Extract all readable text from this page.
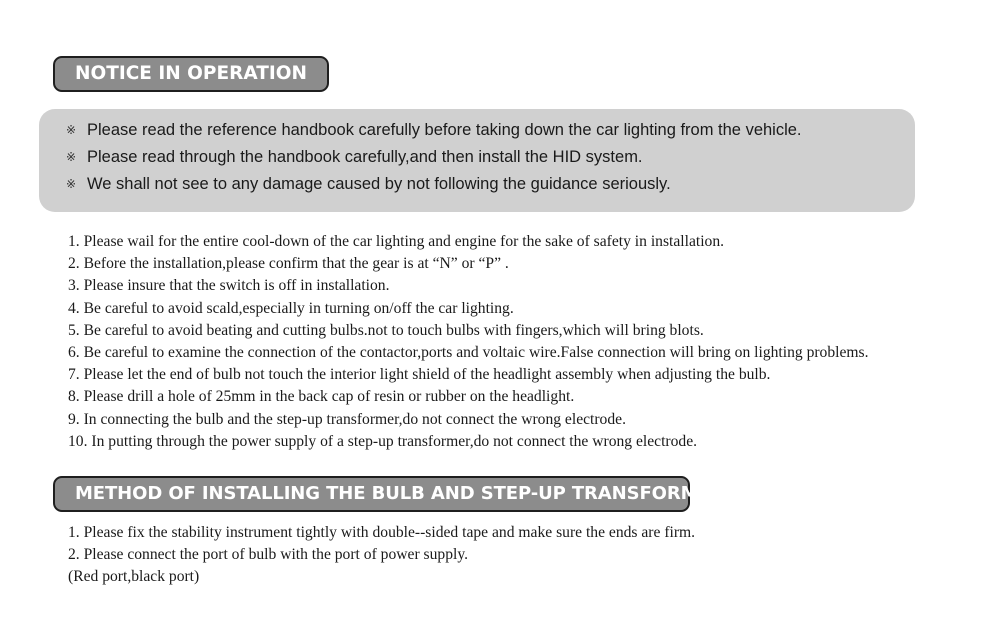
NOTICE IN OPERATION
※ Please read the reference handbook carefully before taking down the car lighting from the vehicle.
※ Please read through the handbook carefully,and then install the HID system.
※ We shall not see to any damage caused by not following the guidance seriously.
1. Please wail for the entire cool-down of the car lighting and engine for the sake of safety in installation.
2. Before the installation,please confirm that the gear is at “N” or “P” .
3. Please insure that the switch is off in installation.
4. Be careful to avoid scald,especially in turning on/off the car lighting.
5. Be careful to avoid beating and cutting bulbs.not to touch bulbs with fingers,which will bring blots.
6. Be careful to examine the connection of the contactor,ports and voltaic wire.False connection will bring on lighting problems.
7. Please let the end of bulb not touch the interior light shield of the headlight assembly when adjusting the bulb.
8. Please drill a hole of 25mm in the back cap of resin or rubber on the headlight.
9. In connecting the bulb and the step-up transformer,do not connect the wrong electrode.
10. In putting through the power supply of a step-up transformer,do not connect the wrong electrode.
METHOD OF INSTALLING THE BULB AND STEP-UP TRANSFORMER
1. Please fix the stability instrument tightly with double--sided tape and make sure the ends are firm.
2. Please connect the port of bulb with the port of power supply.
(Red port,black port)
